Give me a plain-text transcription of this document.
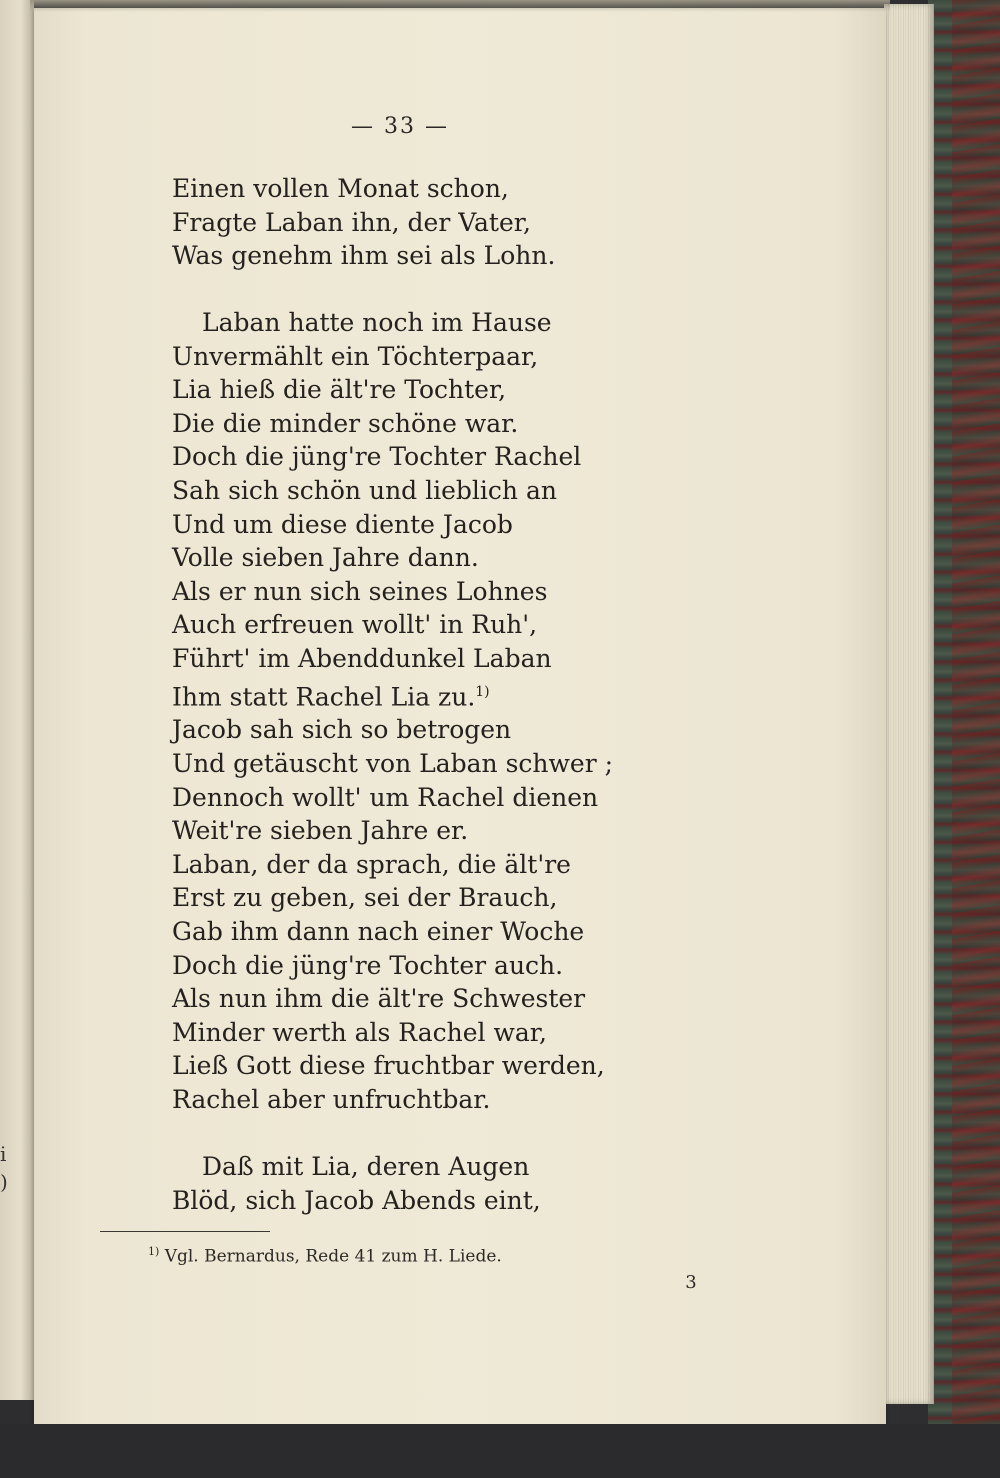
i
)
— 33 —
Einen vollen Monat schon,
Fragte Laban ihn, der Vater,
Was genehm ihm sei als Lohn.
Laban hatte noch im Hause
Unvermählt ein Töchterpaar,
Lia hieß die ält're Tochter,
Die die minder schöne war.
Doch die jüng're Tochter Rachel
Sah sich schön und lieblich an
Und um diese diente Jacob
Volle sieben Jahre dann.
Als er nun sich seines Lohnes
Auch erfreuen wollt' in Ruh',
Führt' im Abenddunkel Laban
Ihm statt Rachel Lia zu.$^{1)}$
Jacob sah sich so betrogen
Und getäuscht von Laban schwer ;
Dennoch wollt' um Rachel dienen
Weit're sieben Jahre er.
Laban, der da sprach, die ält're
Erst zu geben, sei der Brauch,
Gab ihm dann nach einer Woche
Doch die jüng're Tochter auch.
Als nun ihm die ält're Schwester
Minder werth als Rachel war,
Ließ Gott diese fruchtbar werden,
Rachel aber unfruchtbar.
Daß mit Lia, deren Augen
Blöd, sich Jacob Abends eint,
$^{1)}$ Vgl. Bernardus, Rede 41 zum H. Liede.
3
